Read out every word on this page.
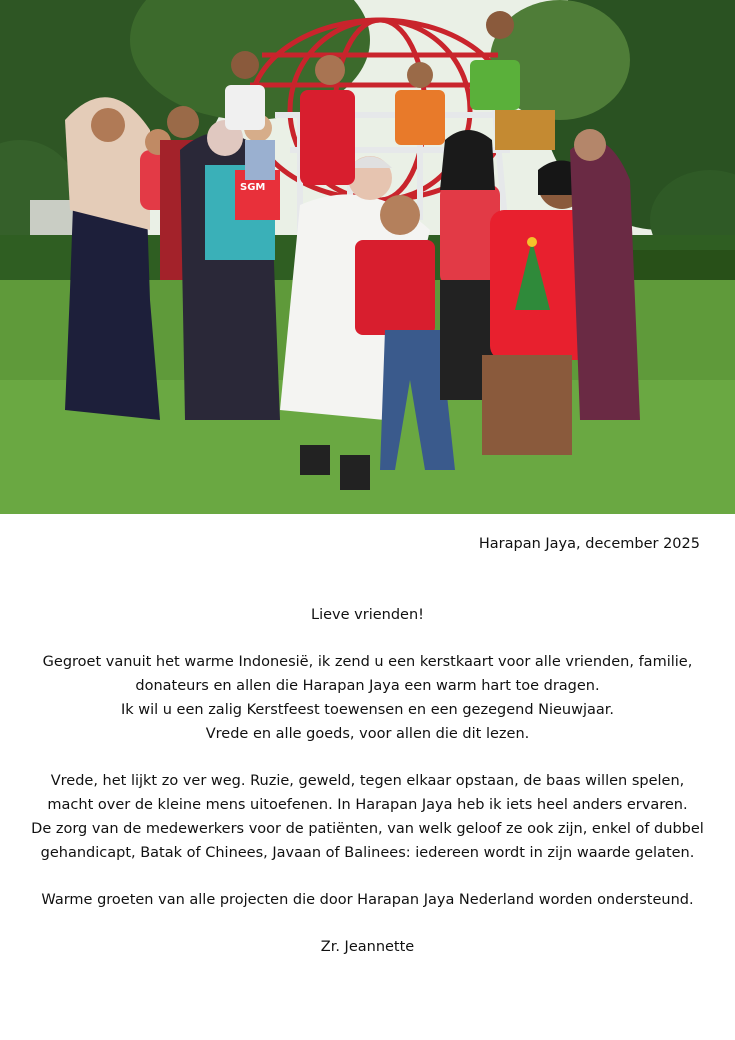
SGM
Harapan Jaya, december 2025
Lieve vrienden!
Gegroet vanuit het warme Indonesië, ik zend u een kerstkaart voor alle vrienden, familie,
donateurs en allen die Harapan Jaya een warm hart toe dragen.
Ik wil u een zalig Kerstfeest toewensen en een gezegend Nieuwjaar.
Vrede en alle goeds, voor allen die dit lezen.
Vrede, het lijkt zo ver weg. Ruzie, geweld, tegen elkaar opstaan, de baas willen spelen,
macht over de kleine mens uitoefenen. In Harapan Jaya heb ik iets heel anders ervaren.
De zorg van de medewerkers voor de patiënten, van welk geloof ze ook zijn, enkel of dubbel
gehandicapt, Batak of Chinees, Javaan of Balinees: iedereen wordt in zijn waarde gelaten.
Warme groeten van alle projecten die door Harapan Jaya Nederland worden ondersteund.
Zr. Jeannette
